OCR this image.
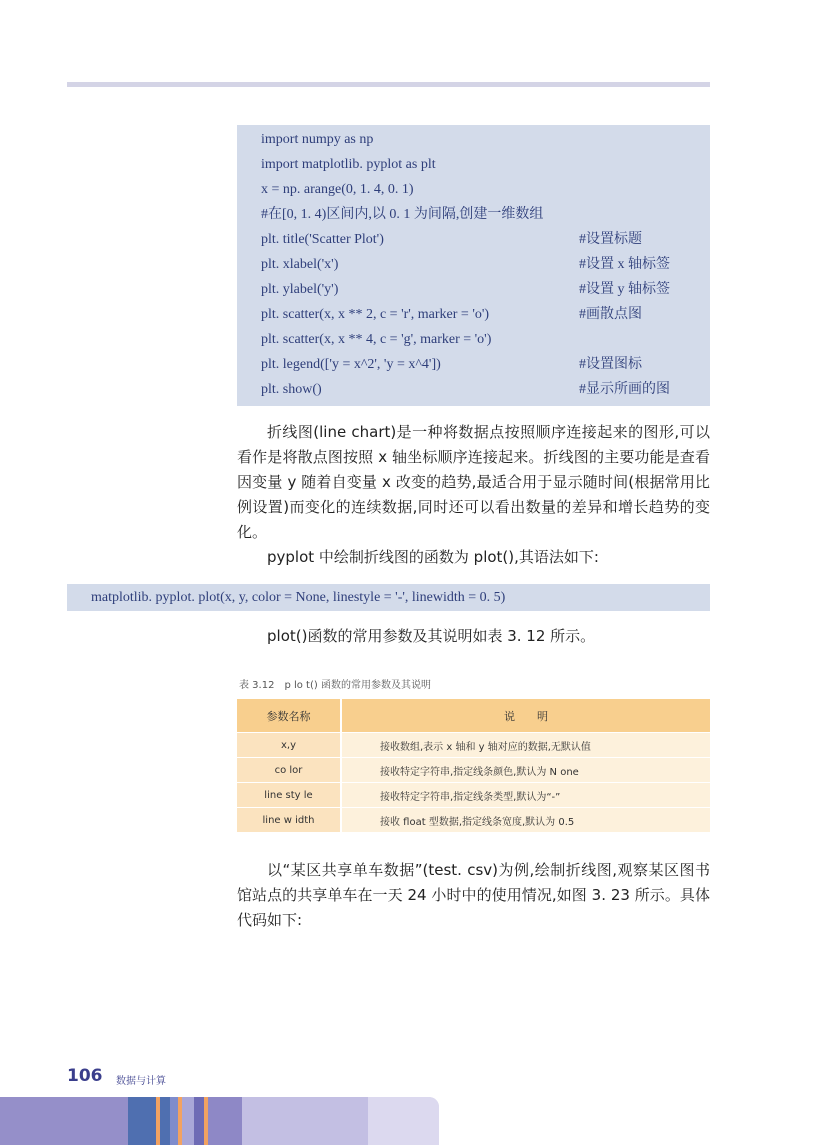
import numpy as np
import matplotlib. pyplot as plt
x = np. arange(0, 1. 4, 0. 1)
#在[0, 1. 4)区间内,以 0. 1 为间隔,创建一维数组
plt. title('Scatter Plot')	#设置标题
plt. xlabel('x')	#设置 x 轴标签
plt. ylabel('y')	#设置 y 轴标签
plt. scatter(x, x ** 2, c = 'r', marker = 'o')	#画散点图
plt. scatter(x, x ** 4, c = 'g', marker = 'o')
plt. legend(['y = x^2', 'y = x^4'])	#设置图标
plt. show()	#显示所画的图

折线图(line chart)是一种将数据点按照顺序连接起来的图形,可以看作是将散点图按照 x 轴坐标顺序连接起来。折线图的主要功能是查看因变量 y 随着自变量 x 改变的趋势,最适合用于显示随时间(根据常用比例设置)而变化的连续数据,同时还可以看出数量的差异和增长趋势的变化。

pyplot 中绘制折线图的函数为 plot(),其语法如下:

matplotlib. pyplot. plot(x, y, color = None, linestyle = '-', linewidth = 0. 5)

plot()函数的常用参数及其说明如表 3. 12 所示。

表 3.12　p lo t() 函数的常用参数及其说明
参数名称	说　　明
x,y	接收数组,表示 x 轴和 y 轴对应的数据,无默认值
co lor	接收特定字符串,指定线条颜色,默认为 N one
line sty le	接收特定字符串,指定线条类型,默认为“-”
line w idth	接收 float 型数据,指定线条宽度,默认为 0.5

以“某区共享单车数据”(test. csv)为例,绘制折线图,观察某区图书馆站点的共享单车在一天 24 小时中的使用情况,如图 3. 23 所示。具体代码如下:

106 数据与计算
